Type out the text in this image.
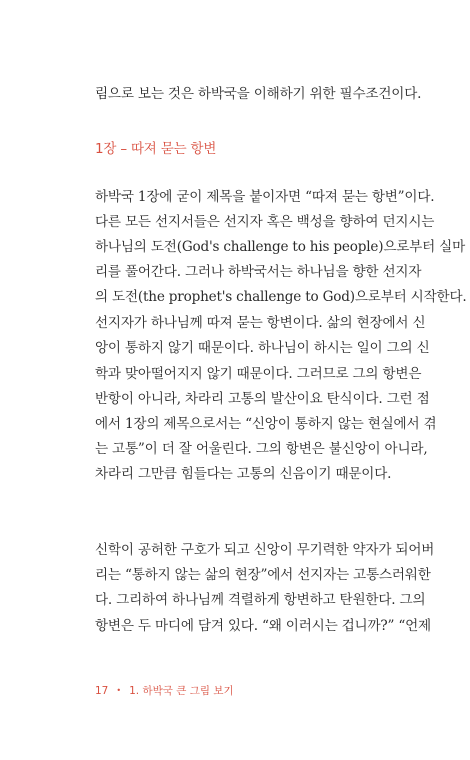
림으로 보는 것은 하박국을 이해하기 위한 필수조건이다.
1장 – 따져 묻는 항변
하박국 1장에 굳이 제목을 붙이자면 “따져 묻는 항변”이다.
다른 모든 선지서들은 선지자 혹은 백성을 향하여 던지시는
하나님의 도전(God's challenge to his people)으로부터 실마
리를 풀어간다. 그러나 하박국서는 하나님을 향한 선지자
의 도전(the prophet's challenge to God)으로부터 시작한다.
선지자가 하나님께 따져 묻는 항변이다. 삶의 현장에서 신
앙이 통하지 않기 때문이다. 하나님이 하시는 일이 그의 신
학과 맞아떨어지지 않기 때문이다. 그러므로 그의 항변은
반항이 아니라, 차라리 고통의 발산이요 탄식이다. 그런 점
에서 1장의 제목으로서는 “신앙이 통하지 않는 현실에서 겪
는 고통”이 더 잘 어울린다. 그의 항변은 불신앙이 아니라,
차라리 그만큼 힘들다는 고통의 신음이기 때문이다.
신학이 공허한 구호가 되고 신앙이 무기력한 약자가 되어버
리는 “통하지 않는 삶의 현장”에서 선지자는 고통스러워한
다. 그리하여 하나님께 격렬하게 항변하고 탄원한다. 그의
항변은 두 마디에 담겨 있다. “왜 이러시는 겁니까?” “언제
17 • 1. 하박국 큰 그림 보기
